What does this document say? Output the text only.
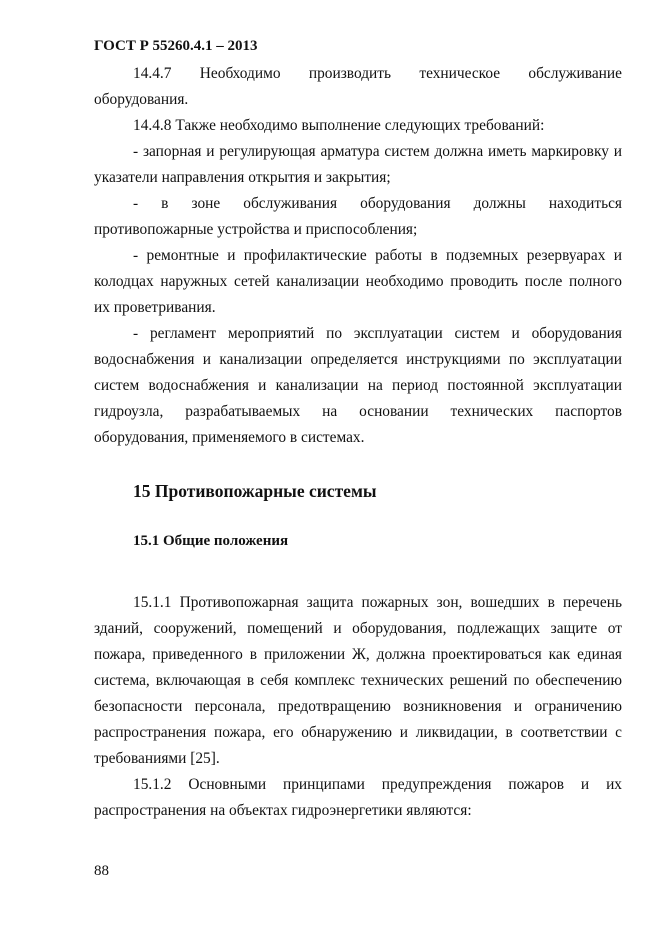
ГОСТ Р 55260.4.1 – 2013

14.4.7 Необходимо производить техническое обслуживание оборудования.

14.4.8 Также необходимо выполнение следующих требований:

- запорная и регулирующая арматура систем должна иметь маркировку и указатели направления открытия и закрытия;

- в зоне обслуживания оборудования должны находиться противопожарные устройства и приспособления;

- ремонтные и профилактические работы в подземных резервуарах и колодцах наружных сетей канализации необходимо проводить после полного их проветривания.

- регламент мероприятий по эксплуатации систем и оборудования водоснабжения и канализации определяется инструкциями по эксплуатации систем водоснабжения и канализации на период постоянной эксплуатации гидроузла, разрабатываемых на основании технических паспортов оборудования, применяемого в системах.

15 Противопожарные системы
15.1 Общие положения

15.1.1 Противопожарная защита пожарных зон, вошедших в перечень зданий, сооружений, помещений и оборудования, подлежащих защите от пожара, приведенного в приложении Ж, должна проектироваться как единая система, включающая в себя комплекс технических решений по обеспечению безопасности персонала, предотвращению возникновения и ограничению распространения пожара, его обнаружению и ликвидации, в соответствии с требованиями [25].

15.1.2 Основными принципами предупреждения пожаров и их распространения на объектах гидроэнергетики являются:

88
